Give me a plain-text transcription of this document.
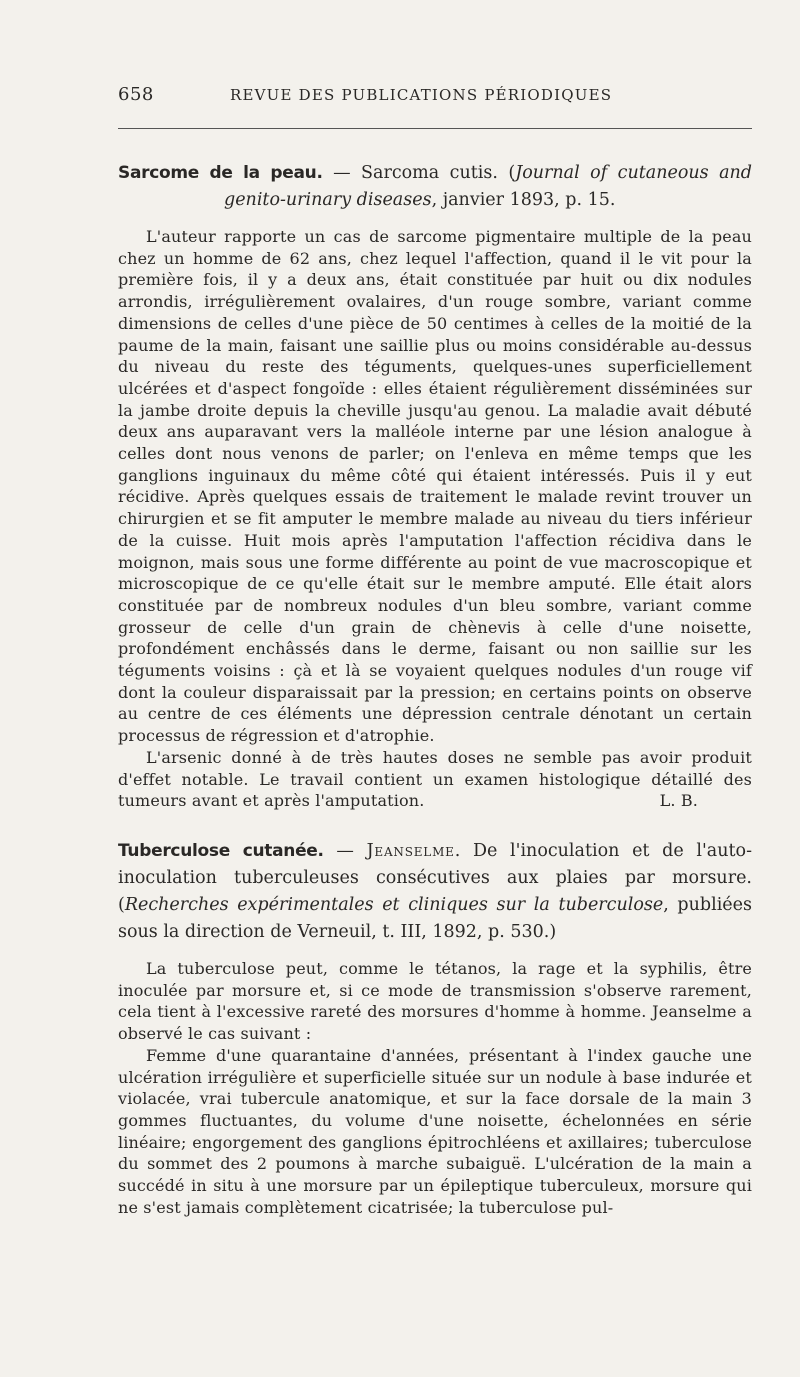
658	REVUE DES PUBLICATIONS PÉRIODIQUES
Sarcome de la peau. — Sarcoma cutis. (Journal of cutaneous and genito-urinary diseases, janvier 1893, p. 15.

L'auteur rapporte un cas de sarcome pigmentaire multiple de la peau chez un homme de 62 ans, chez lequel l'affection, quand il le vit pour la première fois, il y a deux ans, était constituée par huit ou dix nodules arrondis, irrégulièrement ovalaires, d'un rouge sombre, variant comme dimensions de celles d'une pièce de 50 centimes à celles de la moitié de la paume de la main, faisant une saillie plus ou moins considérable au-dessus du niveau du reste des téguments, quelques-unes superficiellement ulcérées et d'aspect fongoïde : elles étaient régulièrement disséminées sur la jambe droite depuis la cheville jusqu'au genou. La maladie avait débuté deux ans auparavant vers la malléole interne par une lésion analogue à celles dont nous venons de parler; on l'enleva en même temps que les ganglions inguinaux du même côté qui étaient intéressés. Puis il y eut récidive. Après quelques essais de traitement le malade revint trouver un chirurgien et se fit amputer le membre malade au niveau du tiers inférieur de la cuisse. Huit mois après l'amputation l'affection récidiva dans le moignon, mais sous une forme différente au point de vue macroscopique et microscopique de ce qu'elle était sur le membre amputé. Elle était alors constituée par de nombreux nodules d'un bleu sombre, variant comme grosseur de celle d'un grain de chènevis à celle d'une noisette, profondément enchâssés dans le derme, faisant ou non saillie sur les téguments voisins : çà et là se voyaient quelques nodules d'un rouge vif dont la couleur disparaissait par la pression; en certains points on observe au centre de ces éléments une dépression centrale dénotant un certain processus de régression et d'atrophie.

L'arsenic donné à de très hautes doses ne semble pas avoir produit d'effet notable. Le travail contient un examen histologique détaillé des tumeurs avant et après l'amputation.	L. B.

Tuberculose cutanée. — Jeanselme. De l'inoculation et de l'auto-inoculation tuberculeuses consécutives aux plaies par morsure. (Recherches expérimentales et cliniques sur la tuberculose, publiées sous la direction de Verneuil, t. III, 1892, p. 530.)

La tuberculose peut, comme le tétanos, la rage et la syphilis, être inoculée par morsure et, si ce mode de transmission s'observe rarement, cela tient à l'excessive rareté des morsures d'homme à homme. Jeanselme a observé le cas suivant :

Femme d'une quarantaine d'années, présentant à l'index gauche une ulcération irrégulière et superficielle située sur un nodule à base indurée et violacée, vrai tubercule anatomique, et sur la face dorsale de la main 3 gommes fluctuantes, du volume d'une noisette, échelonnées en série linéaire; engorgement des ganglions épitrochléens et axillaires; tuberculose du sommet des 2 poumons à marche subaiguë. L'ulcération de la main a succédé in situ à une morsure par un épileptique tuberculeux, morsure qui ne s'est jamais complètement cicatrisée; la tuberculose pul-
